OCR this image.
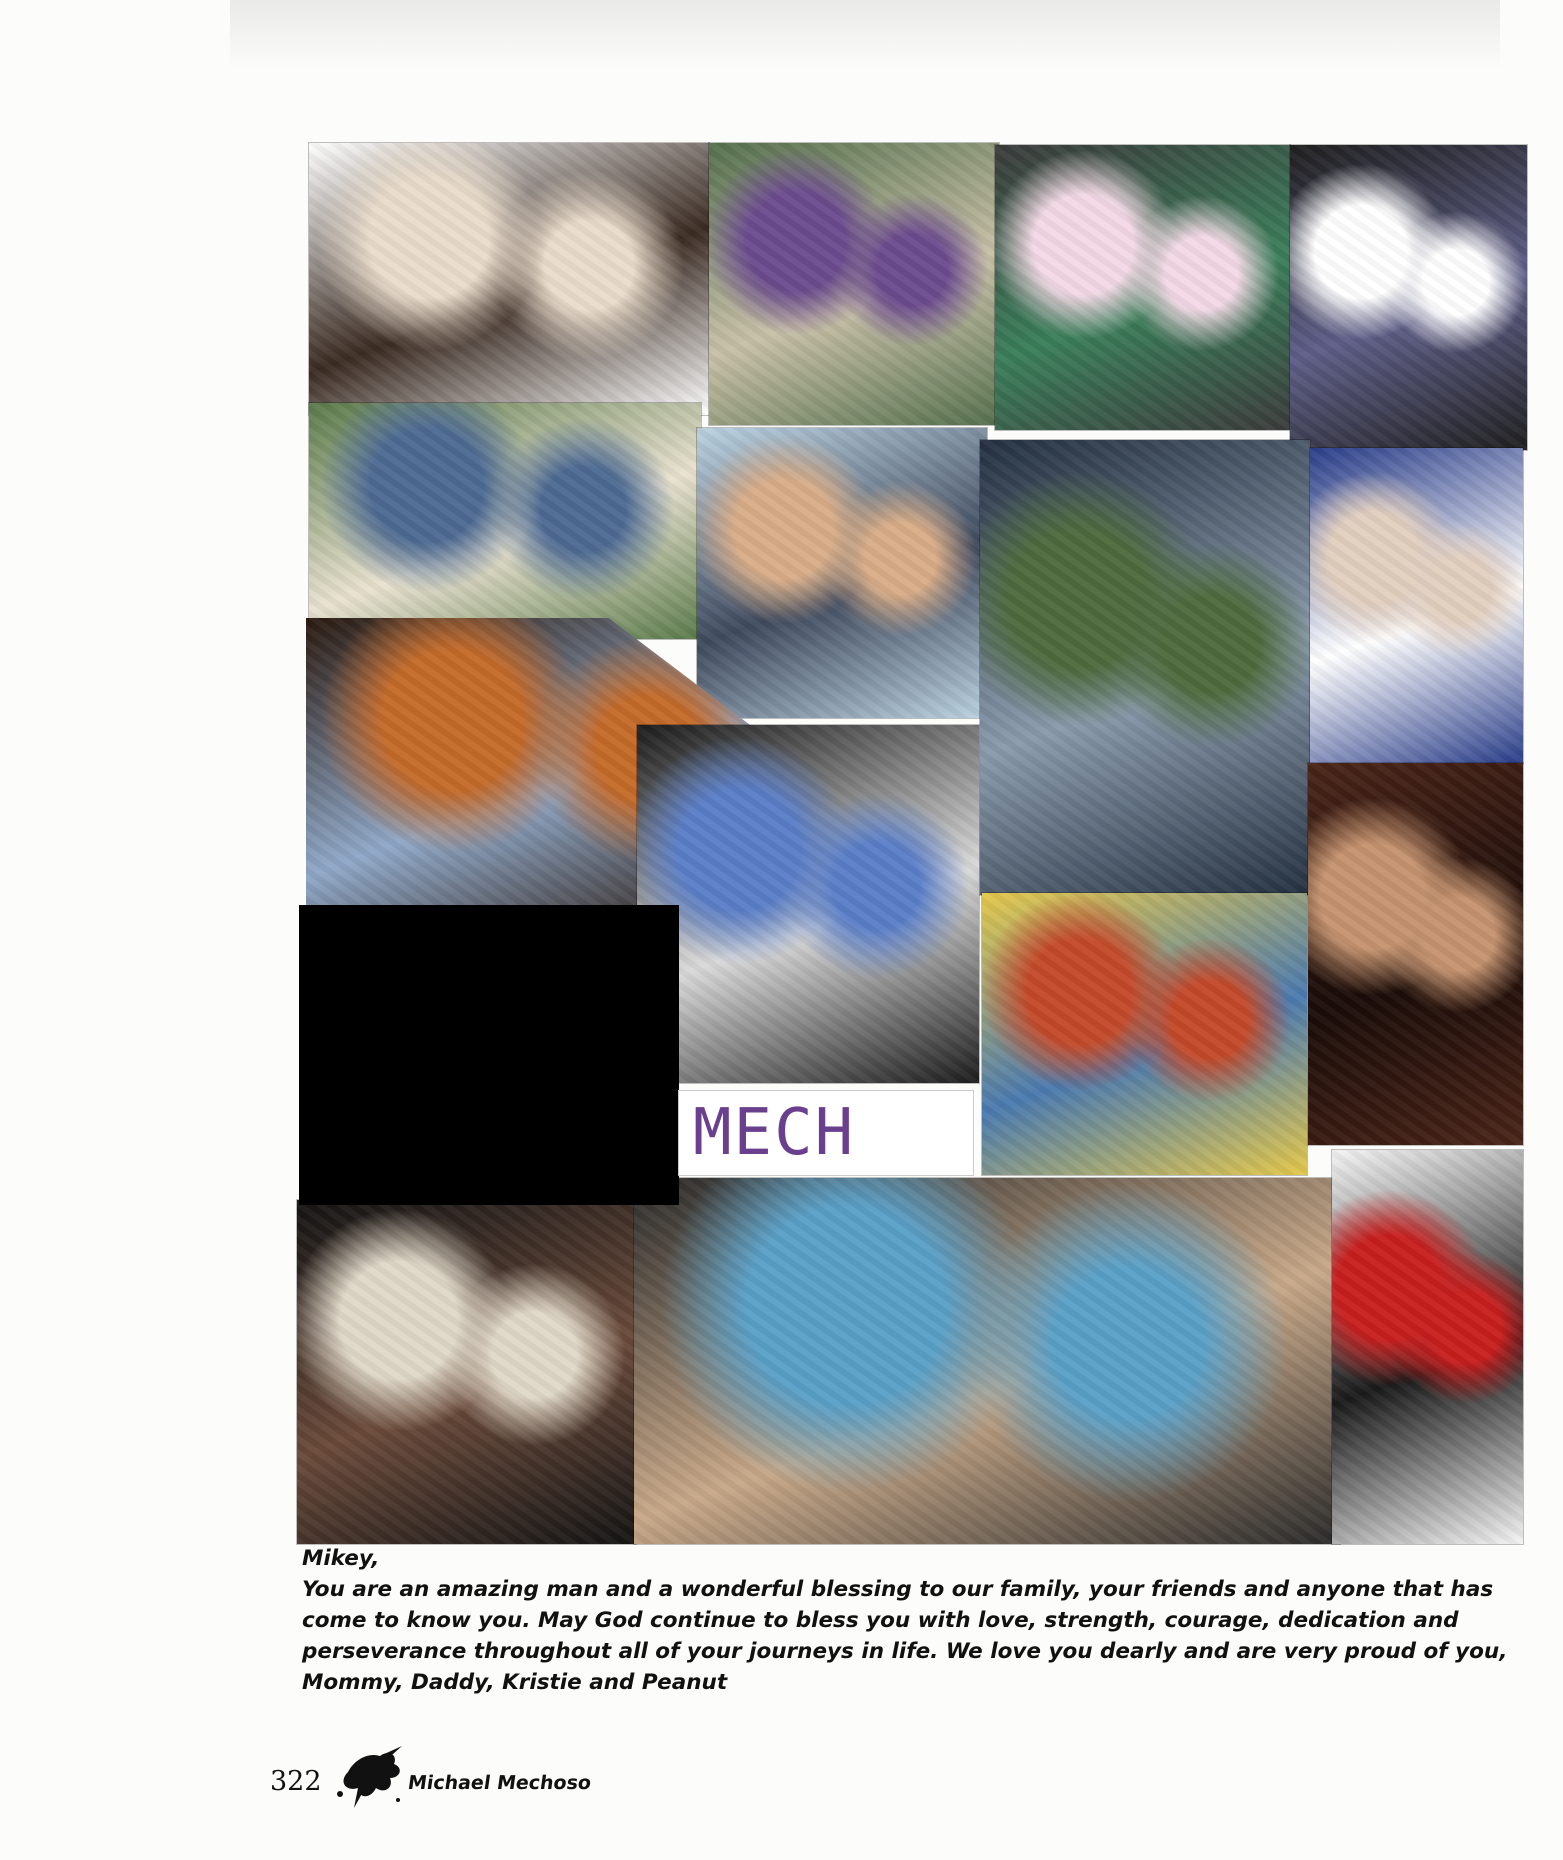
MECH

Mikey,

You are an amazing man and a wonderful blessing to our family, your friends and anyone that has come to know you. May God continue to bless you with love, strength, courage, dedication and perseverance throughout all of your journeys in life. We love you dearly and are very proud of you, Mommy, Daddy, Kristie and Peanut

322	Michael Mechoso
